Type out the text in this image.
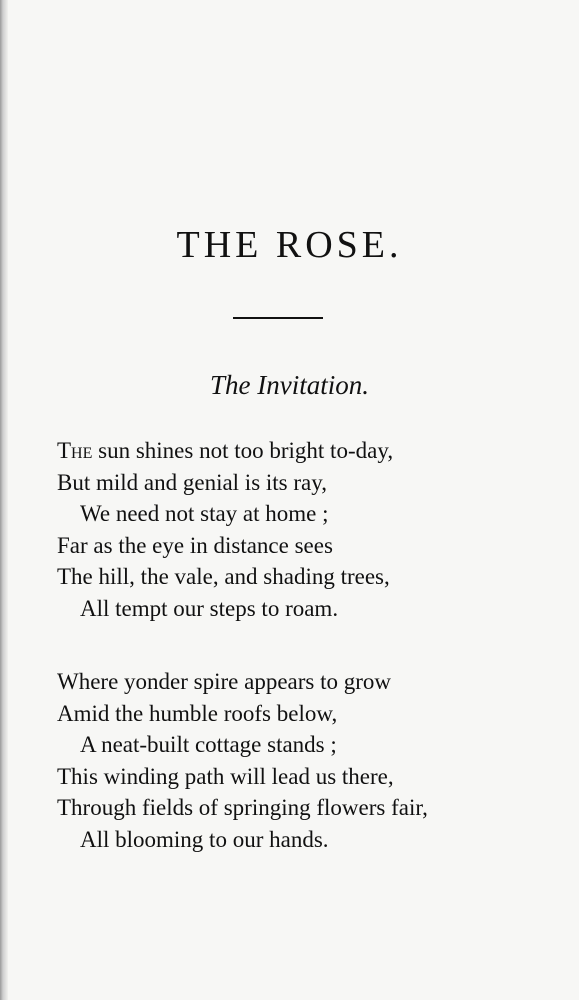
THE ROSE.
The Invitation.
The sun shines not too bright to-day,
But mild and genial is its ray,
We need not stay at home ;
Far as the eye in distance sees
The hill, the vale, and shading trees,
All tempt our steps to roam.
Where yonder spire appears to grow
Amid the humble roofs below,
A neat-built cottage stands ;
This winding path will lead us there,
Through fields of springing flowers fair,
All blooming to our hands.
